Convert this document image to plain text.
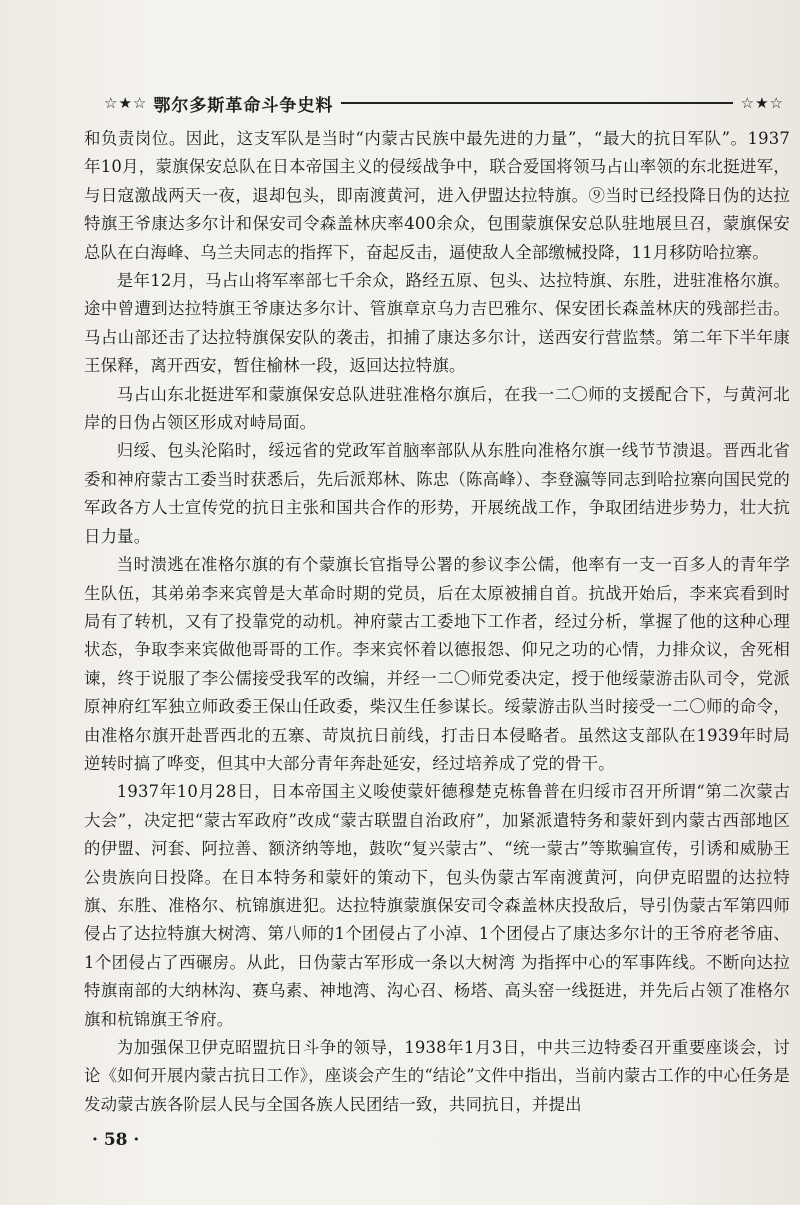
☆★☆ 鄂尔多斯革命斗争史料	☆★☆

和负责岗位。因此，这支军队是当时“内蒙古民族中最先进的力量”，“最大的抗日军队”。1937年10月，蒙旗保安总队在日本帝国主义的侵绥战争中，联合爱国将领马占山率领的东北挺进军，与日寇激战两天一夜，退却包头，即南渡黄河，进入伊盟达拉特旗。⑨当时已经投降日伪的达拉特旗王爷康达多尔计和保安司令森盖林庆率400余众，包围蒙旗保安总队驻地展旦召，蒙旗保安总队在白海峰、乌兰夫同志的指挥下，奋起反击，逼使敌人全部缴械投降，11月移防哈拉寨。

是年12月，马占山将军率部七千余众，路经五原、包头、达拉特旗、东胜，进驻准格尔旗。途中曾遭到达拉特旗王爷康达多尔计、管旗章京乌力吉巴雅尔、保安团长森盖林庆的残部拦击。马占山部还击了达拉特旗保安队的袭击，扣捕了康达多尔计，送西安行营监禁。第二年下半年康王保释，离开西安，暂住榆林一段，返回达拉特旗。

马占山东北挺进军和蒙旗保安总队进驻准格尔旗后，在我一二〇师的支援配合下，与黄河北岸的日伪占领区形成对峙局面。

归绥、包头沦陷时，绥远省的党政军首脑率部队从东胜向准格尔旗一线节节溃退。晋西北省委和神府蒙古工委当时获悉后，先后派郑林、陈忠（陈高峰）、李登瀛等同志到哈拉寨向国民党的军政各方人士宣传党的抗日主张和国共合作的形势，开展统战工作，争取团结进步势力，壮大抗日力量。

当时溃逃在准格尔旗的有个蒙旗长官指导公署的参议李公儒，他率有一支一百多人的青年学生队伍，其弟弟李来宾曾是大革命时期的党员，后在太原被捕自首。抗战开始后，李来宾看到时局有了转机，又有了投靠党的动机。神府蒙古工委地下工作者，经过分析，掌握了他的这种心理状态，争取李来宾做他哥哥的工作。李来宾怀着以德报怨、仰兄之功的心情，力排众议，舍死相谏，终于说服了李公儒接受我军的改编，并经一二〇师党委决定，授于他绥蒙游击队司令，党派原神府红军独立师政委王保山任政委，柴汉生任参谋长。绥蒙游击队当时接受一二〇师的命令，由准格尔旗开赴晋西北的五寨、苛岚抗日前线，打击日本侵略者。虽然这支部队在1939年时局逆转时搞了哗变，但其中大部分青年奔赴延安，经过培养成了党的骨干。

1937年10月28日，日本帝国主义唆使蒙奸德穆楚克栋鲁普在归绥市召开所谓“第二次蒙古大会”，决定把“蒙古军政府”改成“蒙古联盟自治政府”，加紧派遣特务和蒙奸到内蒙古西部地区的伊盟、河套、阿拉善、额济纳等地，鼓吹“复兴蒙古”、“统一蒙古”等欺骗宣传，引诱和威胁王公贵族向日投降。在日本特务和蒙奸的策动下，包头伪蒙古军南渡黄河，向伊克昭盟的达拉特旗、东胜、准格尔、杭锦旗进犯。达拉特旗蒙旗保安司令森盖林庆投敌后，导引伪蒙古军第四师侵占了达拉特旗大树湾、第八师的1个团侵占了小淖、1个团侵占了康达多尔计的王爷府老爷庙、1个团侵占了西碾房。从此，日伪蒙古军形成一条以大树湾 为指挥中心的军事阵线。不断向达拉特旗南部的大纳林沟、赛乌素、神地湾、沟心召、杨塔、高头窑一线挺进，并先后占领了准格尔旗和杭锦旗王爷府。

为加强保卫伊克昭盟抗日斗争的领导，1938年1月3日，中共三边特委召开重要座谈会，讨论《如何开展内蒙古抗日工作》，座谈会产生的“结论”文件中指出，当前内蒙古工作的中心任务是发动蒙古族各阶层人民与全国各族人民团结一致，共同抗日，并提出

· 58 ·
